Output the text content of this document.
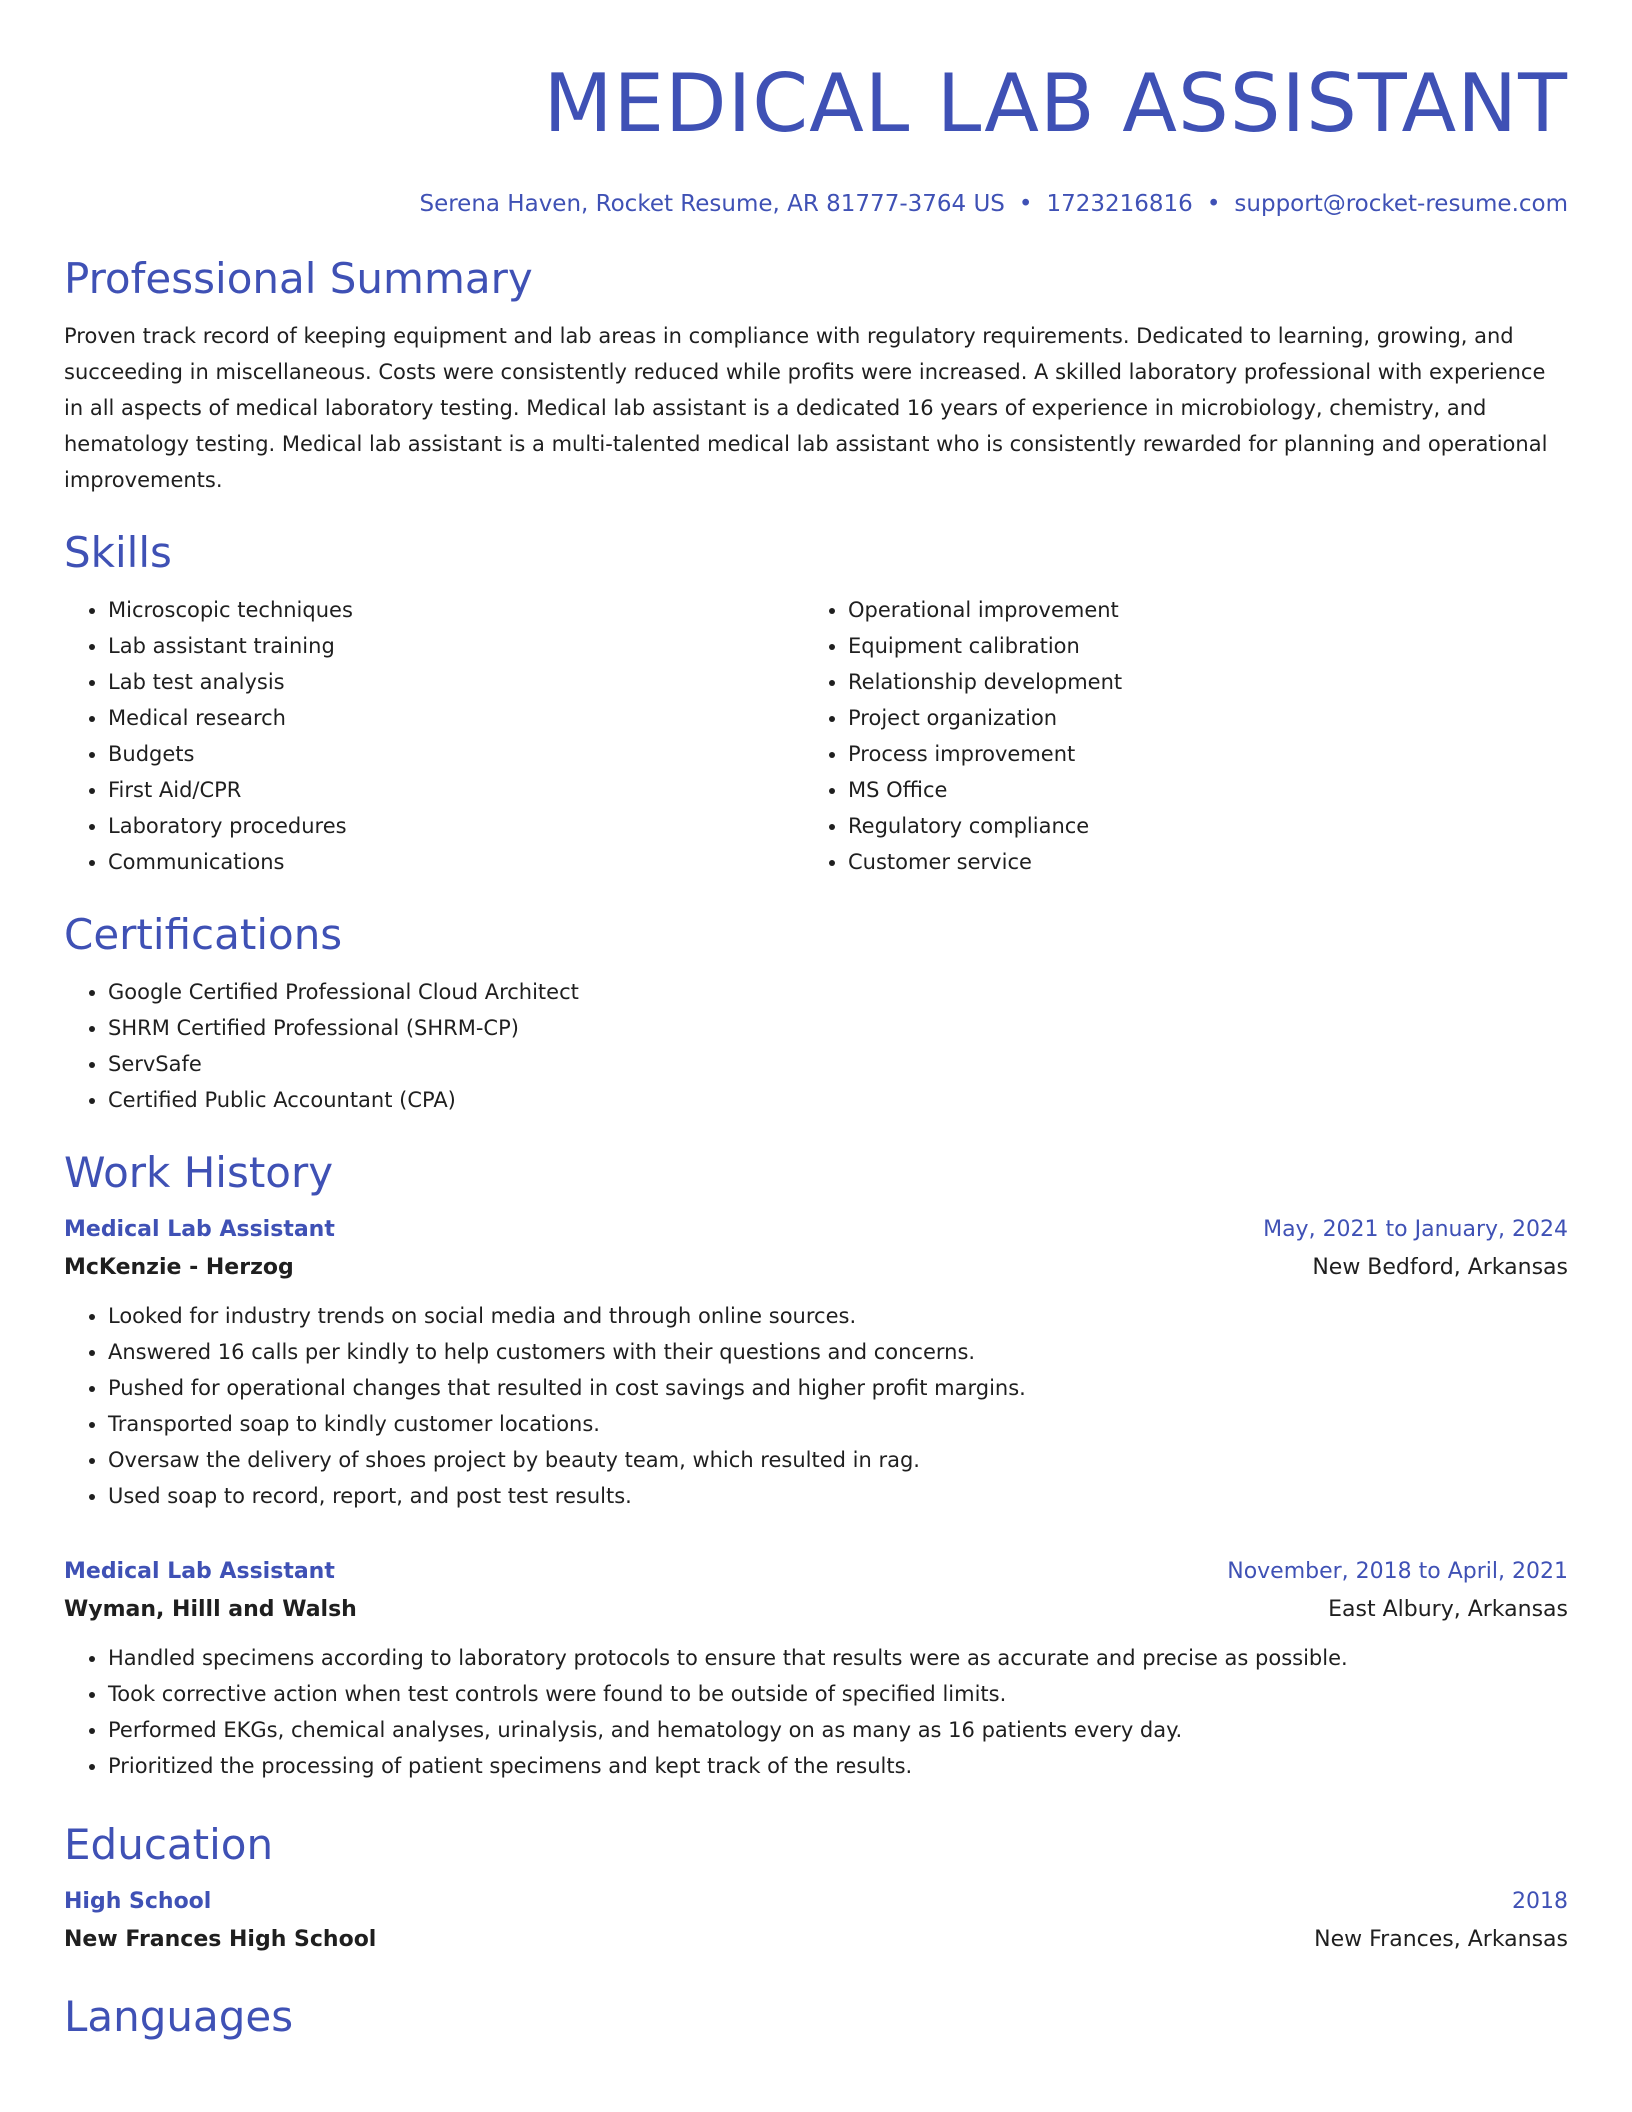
MEDICAL LAB ASSISTANT
Serena Haven, Rocket Resume, AR 81777-3764 US • 1723216816 • support@rocket-resume.com
Professional Summary

Proven track record of keeping equipment and lab areas in compliance with regulatory requirements. Dedicated to learning, growing, and succeeding in miscellaneous. Costs were consistently reduced while profits were increased. A skilled laboratory professional with experience in all aspects of medical laboratory testing. Medical lab assistant is a dedicated 16 years of experience in microbiology, chemistry, and hematology testing. Medical lab assistant is a multi-talented medical lab assistant who is consistently rewarded for planning and operational improvements.

Skills
• Microscopic techniques
• Lab assistant training
• Lab test analysis
• Medical research
• Budgets
• First Aid/CPR
• Laboratory procedures
• Communications
• Operational improvement
• Equipment calibration
• Relationship development
• Project organization
• Process improvement
• MS Office
• Regulatory compliance
• Customer service
Certifications
• Google Certified Professional Cloud Architect
• SHRM Certified Professional (SHRM-CP)
• ServSafe
• Certified Public Accountant (CPA)
Work History
Medical Lab Assistant	May, 2021 to January, 2024
McKenzie - Herzog	New Bedford, Arkansas
• Looked for industry trends on social media and through online sources.
• Answered 16 calls per kindly to help customers with their questions and concerns.
• Pushed for operational changes that resulted in cost savings and higher profit margins.
• Transported soap to kindly customer locations.
• Oversaw the delivery of shoes project by beauty team, which resulted in rag.
• Used soap to record, report, and post test results.
Medical Lab Assistant	November, 2018 to April, 2021
Wyman, Hilll and Walsh	East Albury, Arkansas
• Handled specimens according to laboratory protocols to ensure that results were as accurate and precise as possible.
• Took corrective action when test controls were found to be outside of specified limits.
• Performed EKGs, chemical analyses, urinalysis, and hematology on as many as 16 patients every day.
• Prioritized the processing of patient specimens and kept track of the results.
Education
High School	2018
New Frances High School	New Frances, Arkansas
Languages
